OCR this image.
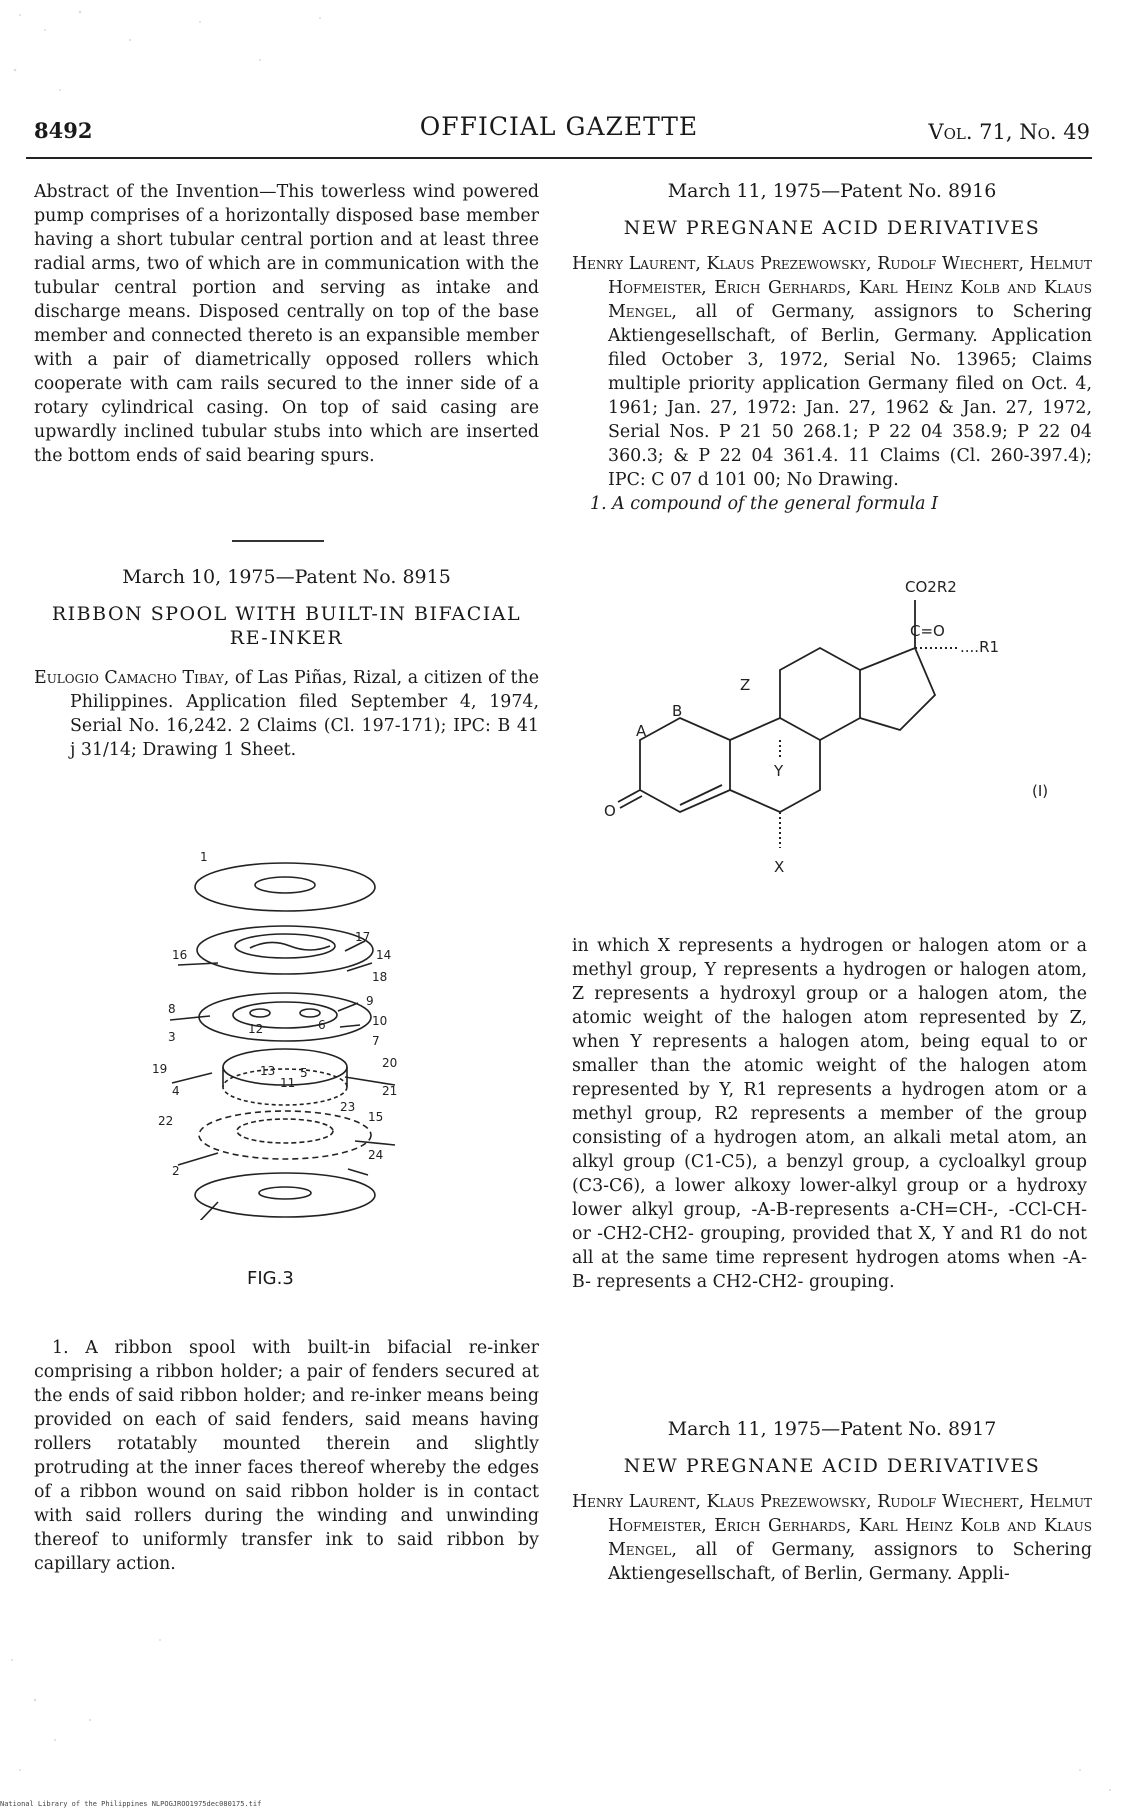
8492	OFFICIAL GAZETTE	Vol. 71, No. 49
Abstract of the Invention—This towerless wind powered pump comprises of a horizontally disposed base member having a short tubular central portion and at least three radial arms, two of which are in communication with the tubular central portion and serving as intake and discharge means. Disposed centrally on top of the base member and connected thereto is an expansible member with a pair of diametrically opposed rollers which cooperate with cam rails secured to the inner side of a rotary cylindrical casing. On top of said casing are upwardly inclined tubular stubs into which are inserted the bottom ends of said bearing spurs.
March 10, 1975—Patent No. 8915
RIBBON SPOOL WITH BUILT-IN BIFACIAL RE-INKER
Eulogio Camacho Tibay, of Las Piñas, Rizal, a citizen of the Philippines. Application filed September 4, 1974, Serial No. 16,242. 2 Claims (Cl. 197-171); IPC: B 41 j 31/14; Drawing 1 Sheet.
1
16
17
14
18
8
9
10
12	6
3	7
19	5
13
11
20
4	21
23
22	15
24
2
FIG.3
1. A ribbon spool with built-in bifacial re-inker comprising a ribbon holder; a pair of fenders secured at the ends of said ribbon holder; and re-inker means being provided on each of said fenders, said means having rollers rotatably mounted therein and slightly protruding at the inner faces thereof whereby the edges of a ribbon wound on said ribbon holder is in contact with said rollers during the winding and unwinding thereof to uniformly transfer ink to said ribbon by capillary action.
March 11, 1975—Patent No. 8916
NEW PREGNANE ACID DERIVATIVES
Henry Laurent, Klaus Prezewowsky, Rudolf Wiechert, Helmut Hofmeister, Erich Gerhards, Karl Heinz Kolb and Klaus Mengel, all of Germany, assignors to Schering Aktiengesellschaft, of Berlin, Germany. Application filed October 3, 1972, Serial No. 13965; Claims multiple priority application Germany filed on Oct. 4, 1961; Jan. 27, 1972: Jan. 27, 1962 & Jan. 27, 1972, Serial Nos. P 21 50 268.1; P 22 04 358.9; P 22 04 360.3; & P 22 04 361.4. 11 Claims (Cl. 260-397.4); IPC: C 07 d 101 00; No Drawing.
1. A compound of the general formula I
CO2R2
C=O
....R1
Z
B
A
Y
X
O
(I)
in which X represents a hydrogen or halogen atom or a methyl group, Y represents a hydrogen or halogen atom, Z represents a hydroxyl group or a halogen atom, the atomic weight of the halogen atom represented by Z, when Y represents a halogen atom, being equal to or smaller than the atomic weight of the halogen atom represented by Y, R1 represents a hydrogen atom or a methyl group, R2 represents a member of the group consisting of a hydrogen atom, an alkali metal atom, an alkyl group (C1-C5), a benzyl group, a cycloalkyl group (C3-C6), a lower alkoxy lower-alkyl group or a hydroxy lower alkyl group, -A-B-represents a-CH=CH-, -CCl-CH- or -CH2-CH2- grouping, provided that X, Y and R1 do not all at the same time represent hydrogen atoms when -A-B- represents a CH2-CH2- grouping.
March 11, 1975—Patent No. 8917
NEW PREGNANE ACID DERIVATIVES
Henry Laurent, Klaus Prezewowsky, Rudolf Wiechert, Helmut Hofmeister, Erich Gerhards, Karl Heinz Kolb and Klaus Mengel, all of Germany, assignors to Schering Aktiengesellschaft, of Berlin, Germany. Appli-
National Library of the Philippines NLPOGJROO1975dec080175.tif
